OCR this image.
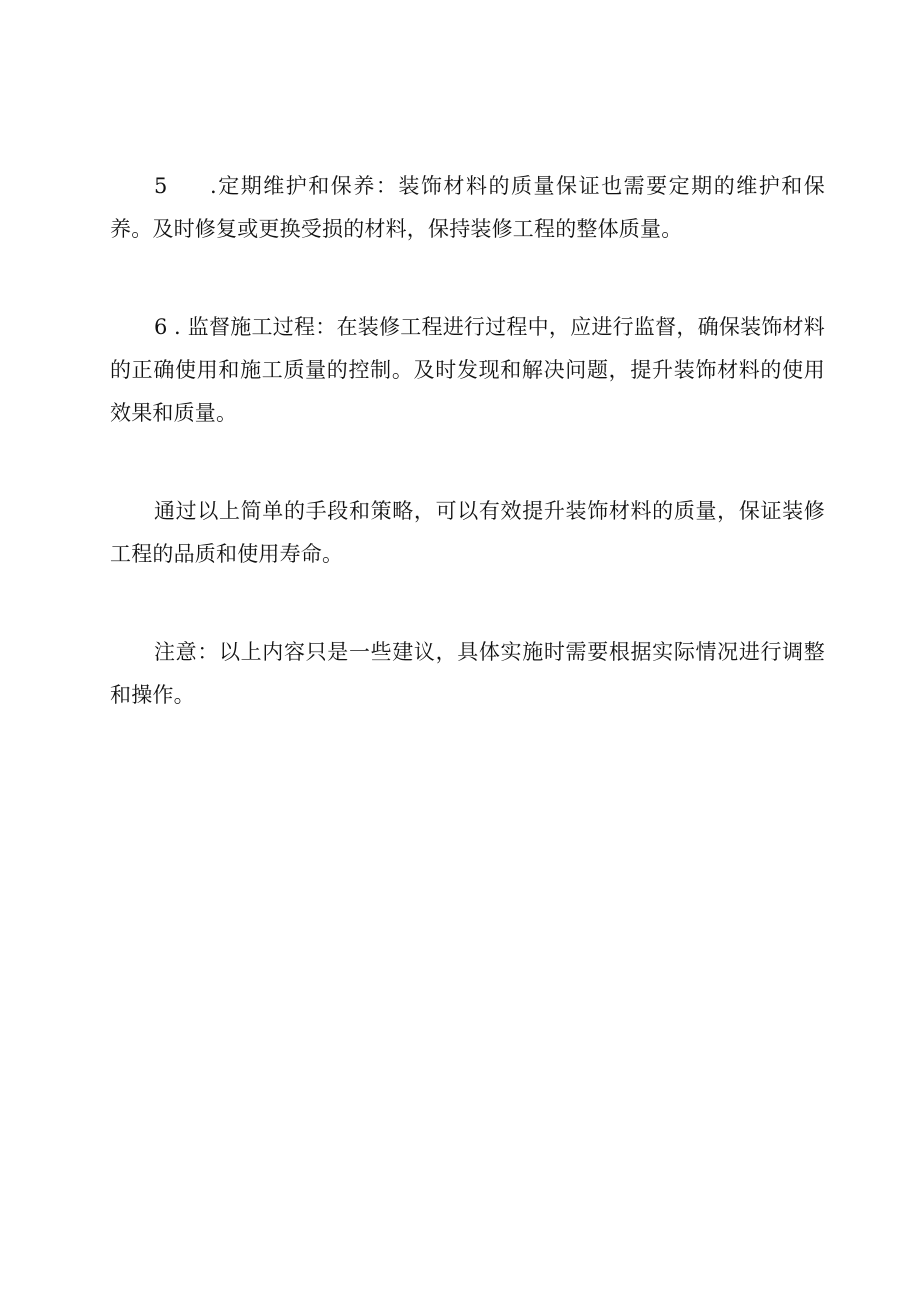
5 .定期维护和保养：装饰材料的质量保证也需要定期的维护和保养。及时修复或更换受损的材料，保持装修工程的整体质量。

6 . 监督施工过程：在装修工程进行过程中，应进行监督，确保装饰材料的正确使用和施工质量的控制。及时发现和解决问题，提升装饰材料的使用效果和质量。

通过以上简单的手段和策略，可以有效提升装饰材料的质量，保证装修工程的品质和使用寿命。

注意：以上内容只是一些建议，具体实施时需要根据实际情况进行调整和操作。
